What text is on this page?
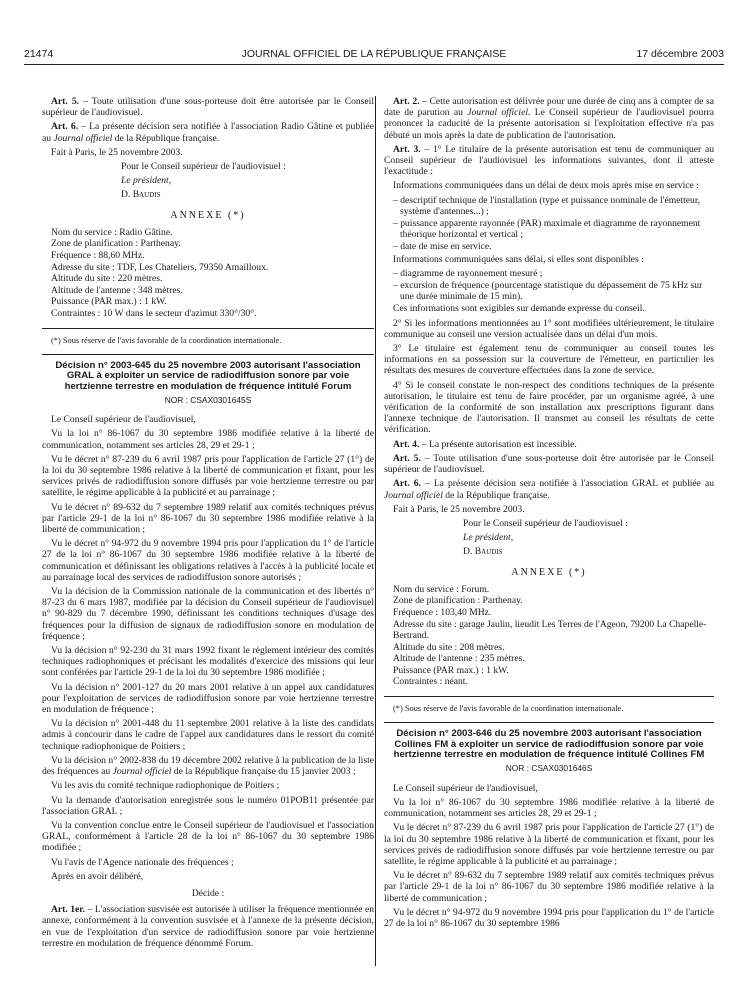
21474	JOURNAL OFFICIEL DE LA RÉPUBLIQUE FRANÇAISE	17 décembre 2003

Art. 5. – Toute utilisation d'une sous-porteuse doit être autorisée par le Conseil supérieur de l'audiovisuel.

Art. 6. – La présente décision sera notifiée à l'association Radio Gâtine et publiée au Journal officiel de la République française.

Fait à Paris, le 25 novembre 2003.

Pour le Conseil supérieur de l'audiovisuel :

Le président,

D. Baudis

ANNEXE (*)

Nom du service : Radio Gâtine.

Zone de planification : Parthenay.

Fréquence : 88,60 MHz.

Adresse du site : TDF, Les Chateliers, 79350 Amailloux.

Altitude du site : 220 mètres.

Altitude de l'antenne : 348 mètres.

Puissance (PAR max.) : 1 kW.

Contraintes : 10 W dans le secteur d'azimut 330°/30°.

(*) Sous réserve de l'avis favorable de la coordination internationale.

Décision n° 2003-645 du 25 novembre 2003 autorisant l'association GRAL à exploiter un service de radiodiffusion sonore par voie hertzienne terrestre en modulation de fréquence intitulé Forum
NOR : CSAX0301645S

Le Conseil supérieur de l'audiovisuel,

Vu la loi n° 86-1067 du 30 septembre 1986 modifiée relative à la liberté de communication, notamment ses articles 28, 29 et 29-1 ;

Vu le décret n° 87-239 du 6 avril 1987 pris pour l'application de l'article 27 (1°) de la loi du 30 septembre 1986 relative à la liberté de communication et fixant, pour les services privés de radiodiffusion sonore diffusés par voie hertzienne terrestre ou par satellite, le régime applicable à la publicité et au parrainage ;

Vu le décret n° 89-632 du 7 septembre 1989 relatif aux comités techniques prévus par l'article 29-1 de la loi n° 86-1067 du 30 septembre 1986 modifiée relative à la liberté de communication ;

Vu le décret n° 94-972 du 9 novembre 1994 pris pour l'application du 1° de l'article 27 de la loi n° 86-1067 du 30 septembre 1986 modifiée relative à la liberté de communication et définissant les obligations relatives à l'accès à la publicité locale et au parrainage local des services de radiodiffusion sonore autorisés ;

Vu la décision de la Commission nationale de la communication et des libertés n° 87-23 du 6 mars 1987, modifiée par la décision du Conseil supérieur de l'audiovisuel n° 90-829 du 7 décembre 1990, définissant les conditions techniques d'usage des fréquences pour la diffusion de signaux de radiodiffusion sonore en modulation de fréquence ;

Vu la décision n° 92-230 du 31 mars 1992 fixant le règlement intérieur des comités techniques radiophoniques et précisant les modalités d'exercice des missions qui leur sont conférées par l'article 29-1 de la loi du 30 septembre 1986 modifiée ;

Vu la décision n° 2001-127 du 20 mars 2001 relative à un appel aux candidatures pour l'exploitation de services de radiodiffusion sonore par voie hertzienne terrestre en modulation de fréquence ;

Vu la décision n° 2001-448 du 11 septembre 2001 relative à la liste des candidats admis à concourir dans le cadre de l'appel aux candidatures dans le ressort du comité technique radiophonique de Poitiers ;

Vu la décision n° 2002-838 du 19 décembre 2002 relative à la publication de la liste des fréquences au Journal officiel de la République française du 15 janvier 2003 ;

Vu les avis du comité technique radiophonique de Poitiers ;

Vu la demande d'autorisation enregistrée sous le numéro 01POB11 présentée par l'association GRAL ;

Vu la convention conclue entre le Conseil supérieur de l'audiovisuel et l'association GRAL, conformément à l'article 28 de la loi n° 86-1067 du 30 septembre 1986 modifiée ;

Vu l'avis de l'Agence nationale des fréquences ;

Après en avoir délibéré,

Décide :

Art. 1er. – L'association susvisée est autorisée à utiliser la fréquence mentionnée en annexe, conformément à la convention susvisée et à l'annexe de la présente décision, en vue de l'exploitation d'un service de radiodiffusion sonore par voie hertzienne terrestre en modulation de fréquence dénommé Forum.

Art. 2. – Cette autorisation est délivrée pour une durée de cinq ans à compter de sa date de parution au Journal officiel. Le Conseil supérieur de l'audiovisuel pourra prononcer la caducité de la présente autorisation si l'exploitation effective n'a pas débuté un mois après la date de publication de l'autorisation.

Art. 3. – 1° Le titulaire de la présente autorisation est tenu de communiquer au Conseil supérieur de l'audiovisuel les informations suivantes, dont il atteste l'exactitude :

Informations communiquées dans un délai de deux mois après mise en service :

– descriptif technique de l'installation (type et puissance nominale de l'émetteur, système d'antennes...) ;

– puissance apparente rayonnée (PAR) maximale et diagramme de rayonnement théorique horizontal et vertical ;

– date de mise en service.

Informations communiquées sans délai, si elles sont disponibles :

– diagramme de rayonnement mesuré ;

– excursion de fréquence (pourcentage statistique du dépassement de 75 kHz sur une durée minimale de 15 min).

Ces informations sont exigibles sur demande expresse du conseil.

2° Si les informations mentionnées au 1° sont modifiées ultérieurement, le titulaire communique au conseil une version actualisée dans un délai d'un mois.

3° Le titulaire est également tenu de communiquer au conseil toutes les informations en sa possession sur la couverture de l'émetteur, en particulier les résultats des mesures de couverture effectuées dans la zone de service.

4° Si le conseil constate le non-respect des conditions techniques de la présente autorisation, le titulaire est tenu de faire procéder, par un organisme agréé, à une vérification de la conformité de son installation aux prescriptions figurant dans l'annexe technique de l'autorisation. Il transmet au conseil les résultats de cette vérification.

Art. 4. – La présente autorisation est incessible.

Art. 5. – Toute utilisation d'une sous-porteuse doit être autorisée par le Conseil supérieur de l'audiovisuel.

Art. 6. – La présente décision sera notifiée à l'association GRAL et publiée au Journal officiel de la République française.

Fait à Paris, le 25 novembre 2003.

Pour le Conseil supérieur de l'audiovisuel :

Le président,

D. Baudis

ANNEXE (*)

Nom du service : Forum.

Zone de planification : Parthenay.

Fréquence : 103,40 MHz.

Adresse du site : garage Jaulin, lieudit Les Terres de l'Ageon, 79200 La Chapelle-Bertrand.

Altitude du site : 208 mètres.

Altitude de l'antenne : 235 mètres.

Puissance (PAR max.) : 1 kW.

Contraintes : néant.

(*) Sous réserve de l'avis favorable de la coordination internationale.

Décision n° 2003-646 du 25 novembre 2003 autorisant l'association Collines FM à exploiter un service de radiodiffusion sonore par voie hertzienne terrestre en modulation de fréquence intitulé Collines FM
NOR : CSAX0301646S

Le Conseil supérieur de l'audiovisuel,

Vu la loi n° 86-1067 du 30 septembre 1986 modifiée relative à la liberté de communication, notamment ses articles 28, 29 et 29-1 ;

Vu le décret n° 87-239 du 6 avril 1987 pris pour l'application de l'article 27 (1°) de la loi du 30 septembre 1986 relative à la liberté de communication et fixant, pour les services privés de radiodiffusion sonore diffusés par voie hertzienne terrestre ou par satellite, le régime applicable à la publicité et au parrainage ;

Vu le décret n° 89-632 du 7 septembre 1989 relatif aux comités techniques prévus par l'article 29-1 de la loi n° 86-1067 du 30 septembre 1986 modifiée relative à la liberté de communication ;

Vu le décret n° 94-972 du 9 novembre 1994 pris pour l'application du 1° de l'article 27 de la loi n° 86-1067 du 30 septembre 1986
